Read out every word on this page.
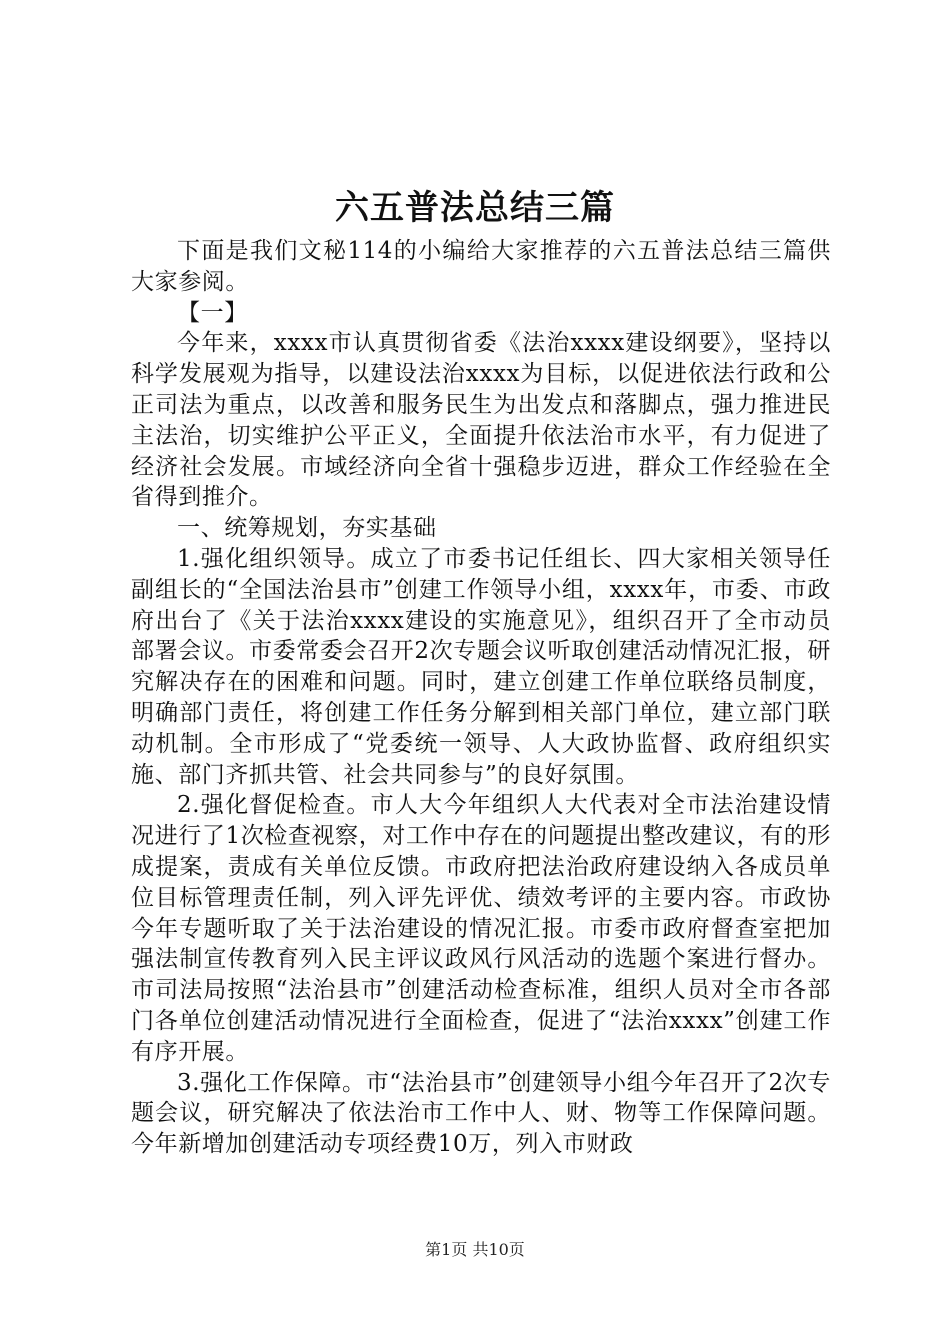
六五普法总结三篇

下面是我们文秘114的小编给大家推荐的六五普法总结三篇供大家参阅。

【一】

今年来，xxxx市认真贯彻省委《法治xxxx建设纲要》，坚持以科学发展观为指导，以建设法治xxxx为目标，以促进依法行政和公正司法为重点，以改善和服务民生为出发点和落脚点，强力推进民主法治，切实维护公平正义，全面提升依法治市水平，有力促进了经济社会发展。市域经济向全省十强稳步迈进，群众工作经验在全省得到推介。

一、统筹规划，夯实基础

1.强化组织领导。成立了市委书记任组长、四大家相关领导任副组长的“全国法治县市”创建工作领导小组，xxxx年，市委、市政府出台了《关于法治xxxx建设的实施意见》，组织召开了全市动员部署会议。市委常委会召开2次专题会议听取创建活动情况汇报，研究解决存在的困难和问题。同时，建立创建工作单位联络员制度，明确部门责任，将创建工作任务分解到相关部门单位，建立部门联动机制。全市形成了“党委统一领导、人大政协监督、政府组织实施、部门齐抓共管、社会共同参与”的良好氛围。

2.强化督促检查。市人大今年组织人大代表对全市法治建设情况进行了1次检查视察，对工作中存在的问题提出整改建议，有的形成提案，责成有关单位反馈。市政府把法治政府建设纳入各成员单位目标管理责任制，列入评先评优、绩效考评的主要内容。市政协今年专题听取了关于法治建设的情况汇报。市委市政府督查室把加强法制宣传教育列入民主评议政风行风活动的选题个案进行督办。市司法局按照“法治县市”创建活动检查标准，组织人员对全市各部门各单位创建活动情况进行全面检查，促进了“法治xxxx”创建工作有序开展。

3.强化工作保障。市“法治县市”创建领导小组今年召开了2次专题会议，研究解决了依法治市工作中人、财、物等工作保障问题。今年新增加创建活动专项经费10万，列入市财政

第1页 共10页
